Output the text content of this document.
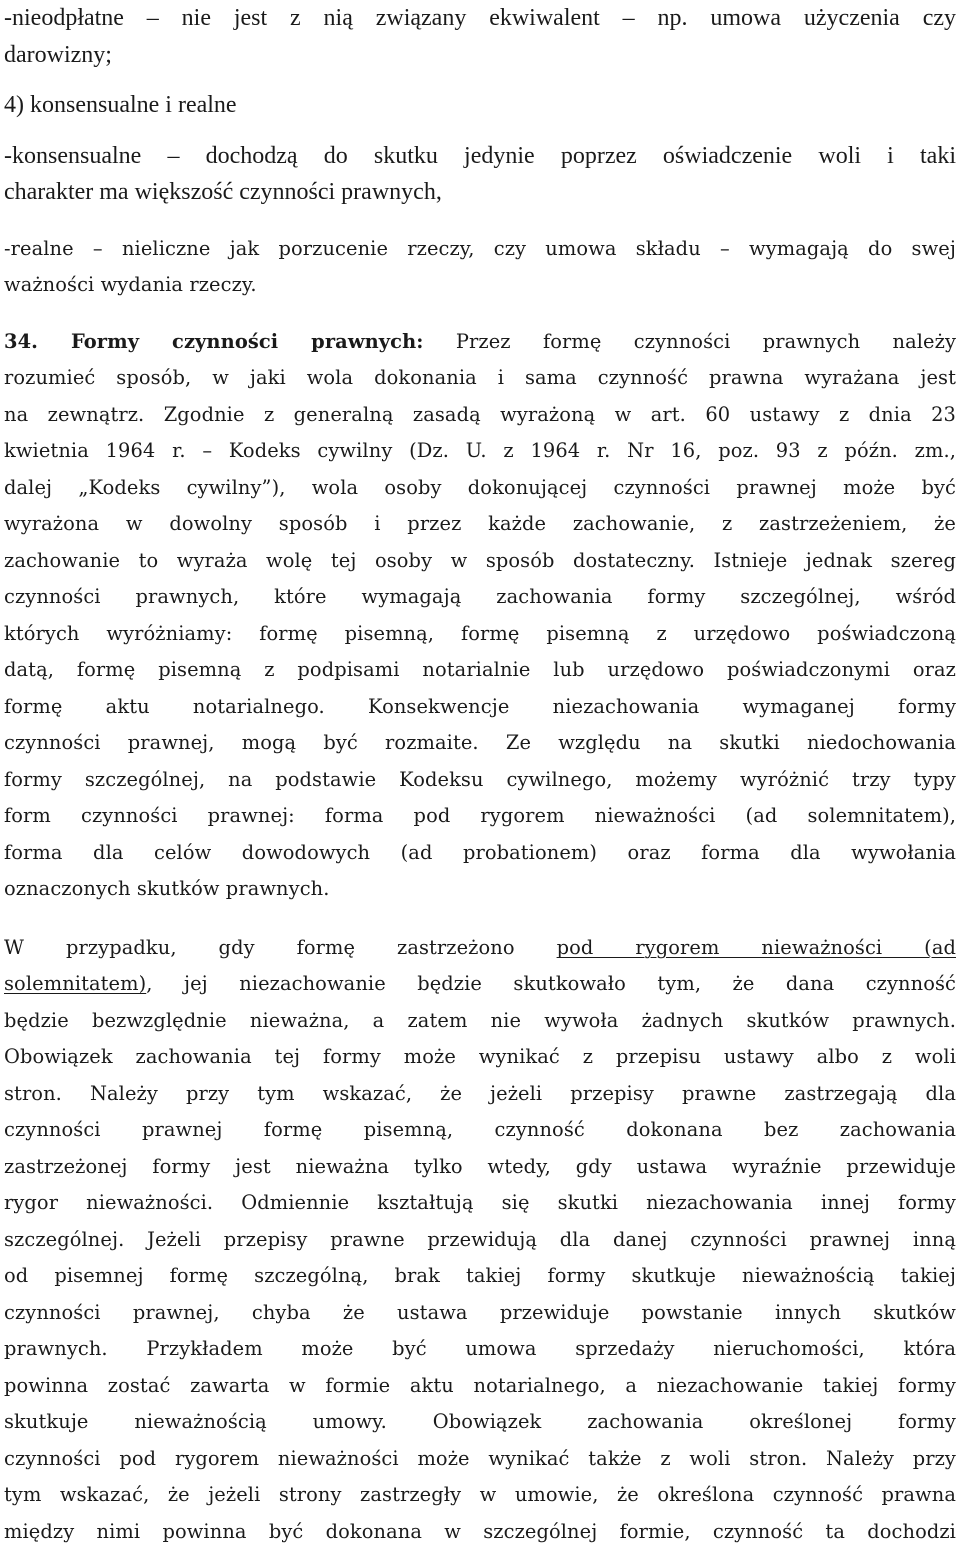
-nieodpłatne – nie jest z nią związany ekwiwalent – np. umowa użyczenia czy
darowizny;
4) konsensualne i realne
-konsensualne – dochodzą do skutku jedynie poprzez oświadczenie woli i taki
charakter ma większość czynności prawnych,
-realne – nieliczne jak porzucenie rzeczy, czy umowa składu – wymagają do swej
ważności wydania rzeczy.
34. Formy czynności prawnych: Przez formę czynności prawnych należy
rozumieć sposób, w jaki wola dokonania i sama czynność prawna wyrażana jest
na zewnątrz. Zgodnie z generalną zasadą wyrażoną w art. 60 ustawy z dnia 23
kwietnia 1964 r. – Kodeks cywilny (Dz. U. z 1964 r. Nr 16, poz. 93 z późn. zm.,
dalej „Kodeks cywilny”), wola osoby dokonującej czynności prawnej może być
wyrażona w dowolny sposób i przez każde zachowanie, z zastrzeżeniem, że
zachowanie to wyraża wolę tej osoby w sposób dostateczny. Istnieje jednak szereg
czynności prawnych, które wymagają zachowania formy szczególnej, wśród
których wyróżniamy: formę pisemną, formę pisemną z urzędowo poświadczoną
datą, formę pisemną z podpisami notarialnie lub urzędowo poświadczonymi oraz
formę aktu notarialnego. Konsekwencje niezachowania wymaganej formy
czynności prawnej, mogą być rozmaite. Ze względu na skutki niedochowania
formy szczególnej, na podstawie Kodeksu cywilnego, możemy wyróżnić trzy typy
form czynności prawnej: forma pod rygorem nieważności (ad solemnitatem),
forma dla celów dowodowych (ad probationem) oraz forma dla wywołania
oznaczonych skutków prawnych.
W przypadku, gdy formę zastrzeżono pod rygorem nieważności (ad
solemnitatem), jej niezachowanie będzie skutkowało tym, że dana czynność
będzie bezwzględnie nieważna, a zatem nie wywoła żadnych skutków prawnych.
Obowiązek zachowania tej formy może wynikać z przepisu ustawy albo z woli
stron. Należy przy tym wskazać, że jeżeli przepisy prawne zastrzegają dla
czynności prawnej formę pisemną, czynność dokonana bez zachowania
zastrzeżonej formy jest nieważna tylko wtedy, gdy ustawa wyraźnie przewiduje
rygor nieważności. Odmiennie kształtują się skutki niezachowania innej formy
szczególnej. Jeżeli przepisy prawne przewidują dla danej czynności prawnej inną
od pisemnej formę szczególną, brak takiej formy skutkuje nieważnością takiej
czynności prawnej, chyba że ustawa przewiduje powstanie innych skutków
prawnych. Przykładem może być umowa sprzedaży nieruchomości, która
powinna zostać zawarta w formie aktu notarialnego, a niezachowanie takiej formy
skutkuje nieważnością umowy. Obowiązek zachowania określonej formy
czynności pod rygorem nieważności może wynikać także z woli stron. Należy przy
tym wskazać, że jeżeli strony zastrzegły w umowie, że określona czynność prawna
między nimi powinna być dokonana w szczególnej formie, czynność ta dochodzi
